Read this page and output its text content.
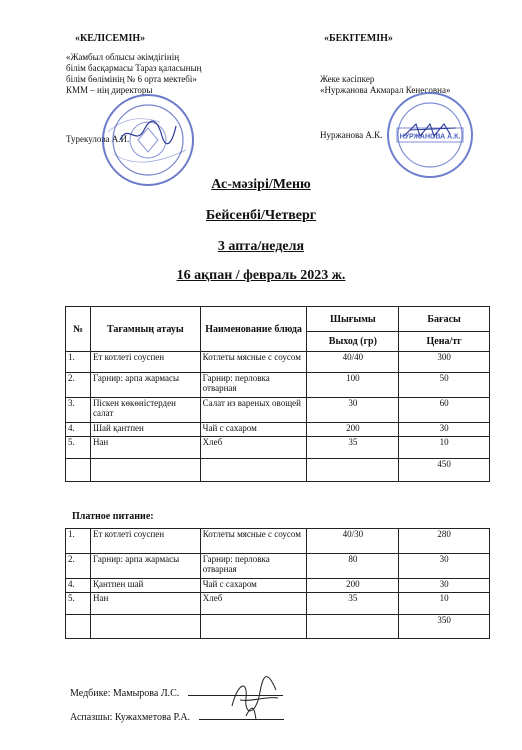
«КЕЛІСЕМІН»
«Жамбыл облысы әкімдігінің
білім басқармасы Тараз қаласының
білім бөлімінің № 6 орта мектебі»
КММ – нің директоры
Турекулова А.И.
«БЕКІТЕМІН»
Жеке кәсіпкер
«Нуржанова Акмарал Кенесовна»
Нуржанова А.К. НУРЖАНОВА А.К.
Ас-мәзірі/Меню
Бейсенбі/Четверг
3 апта/неделя
16 ақпан / февраль 2023 ж.
№	Тағамның атауы	Наименование блюда	Шығымы	Бағасы
			Выход (гр)	Цена/тг
1.	Ет котлеті соуспен	Котлеты мясные с соусом	40/40	300
2.	Гарнир: арпа жармасы	Гарнир: перловка отварная	100	50
3.	Піскен көкөністерден салат	Салат из вареных овощей	30	60
4.	Шай қантпен	Чай с сахаром	200	30
5.	Нан	Хлеб	35	10
				450
Платное питание:
1.	Ет котлеті соуспен	Котлеты мясные с соусом	40/30	280
2.	Гарнир: арпа жармасы	Гарнир: перловка отварная	80	30
4.	Қантпен шай	Чай с сахаром	200	30
5.	Нан	Хлеб	35	10
				350
Медбике: Мамырова Л.С.
Аспазшы: Кужахметова Р.А.
